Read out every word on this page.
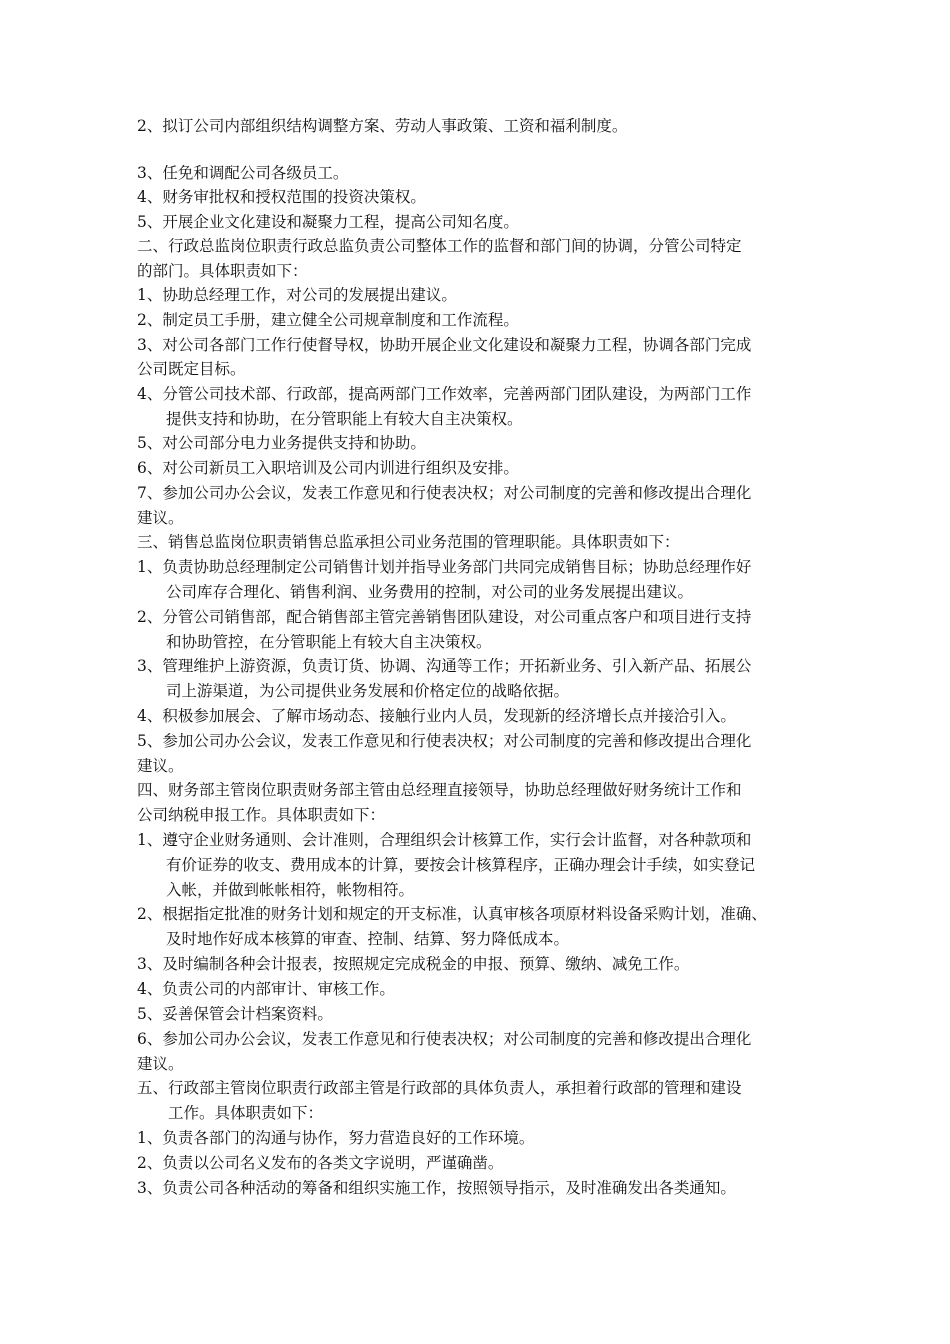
2、拟订公司内部组织结构调整方案、劳动人事政策、工资和福利制度。
3、任免和调配公司各级员工。
4、财务审批权和授权范围的投资决策权。
5、开展企业文化建设和凝聚力工程，提高公司知名度。
二、行政总监岗位职责行政总监负责公司整体工作的监督和部门间的协调，分管公司特定
的部门。具体职责如下：
1、协助总经理工作，对公司的发展提出建议。
2、制定员工手册，建立健全公司规章制度和工作流程。
3、对公司各部门工作行使督导权，协助开展企业文化建设和凝聚力工程，协调各部门完成
公司既定目标。
4、分管公司技术部、行政部，提高两部门工作效率，完善两部门团队建设，为两部门工作
提供支持和协助，在分管职能上有较大自主决策权。
5、对公司部分电力业务提供支持和协助。
6、对公司新员工入职培训及公司内训进行组织及安排。
7、参加公司办公会议，发表工作意见和行使表决权；对公司制度的完善和修改提出合理化
建议。
三、销售总监岗位职责销售总监承担公司业务范围的管理职能。具体职责如下：
1、负责协助总经理制定公司销售计划并指导业务部门共同完成销售目标；协助总经理作好
公司库存合理化、销售利润、业务费用的控制，对公司的业务发展提出建议。
2、分管公司销售部，配合销售部主管完善销售团队建设，对公司重点客户和项目进行支持
和协助管控，在分管职能上有较大自主决策权。
3、管理维护上游资源，负责订货、协调、沟通等工作；开拓新业务、引入新产品、拓展公
司上游渠道，为公司提供业务发展和价格定位的战略依据。
4、积极参加展会、了解市场动态、接触行业内人员，发现新的经济增长点并接洽引入。
5、参加公司办公会议，发表工作意见和行使表决权；对公司制度的完善和修改提出合理化
建议。
四、财务部主管岗位职责财务部主管由总经理直接领导，协助总经理做好财务统计工作和
公司纳税申报工作。具体职责如下：
1、遵守企业财务通则、会计准则，合理组织会计核算工作，实行会计监督，对各种款项和
有价证券的收支、费用成本的计算，要按会计核算程序，正确办理会计手续，如实登记
入帐，并做到帐帐相符，帐物相符。
2、根据指定批准的财务计划和规定的开支标准，认真审核各项原材料设备采购计划，准确、
及时地作好成本核算的审查、控制、结算、努力降低成本。
3、及时编制各种会计报表，按照规定完成税金的申报、预算、缴纳、减免工作。
4、负责公司的内部审计、审核工作。
5、妥善保管会计档案资料。
6、参加公司办公会议，发表工作意见和行使表决权；对公司制度的完善和修改提出合理化
建议。
五、行政部主管岗位职责行政部主管是行政部的具体负责人，承担着行政部的管理和建设
工作。具体职责如下：
1、负责各部门的沟通与协作，努力营造良好的工作环境。
2、负责以公司名义发布的各类文字说明，严谨确凿。
3、负责公司各种活动的筹备和组织实施工作，按照领导指示，及时准确发出各类通知。
